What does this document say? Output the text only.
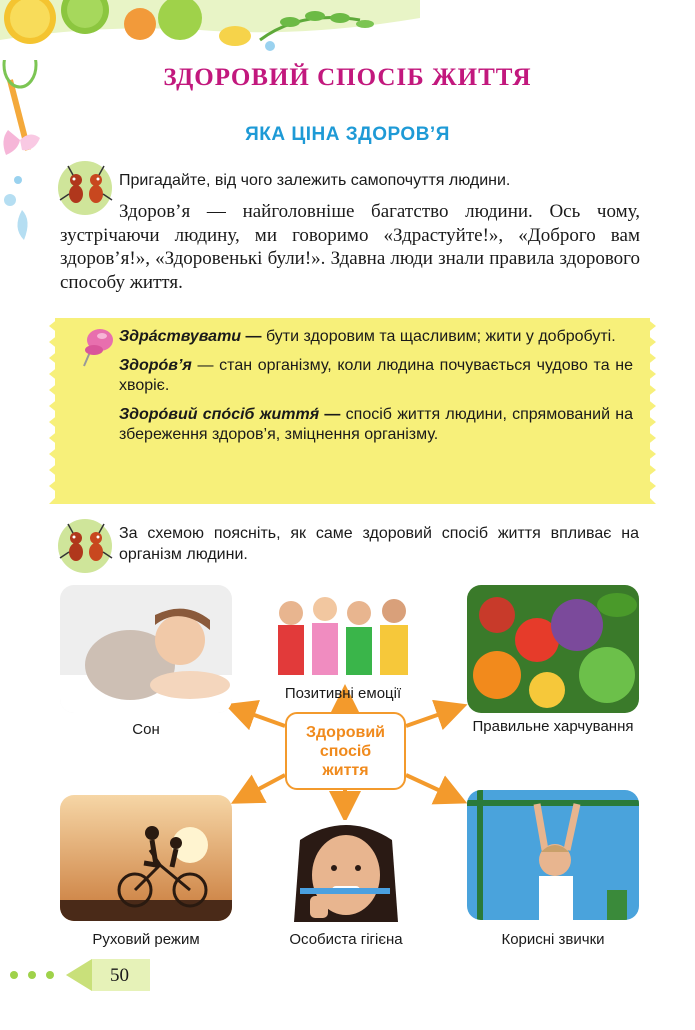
ЗДОРОВИЙ СПОСІБ ЖИТТЯ
ЯКА ЦІНА ЗДОРОВ’Я
Пригадайте, від чого залежить самопочуття людини.

Здоров’я — найголовніше багатство людини. Ось чому, зустрічаючи людину, ми говоримо «Здрастуйте!», «Доброго вам здоров’я!», «Здоровенькі були!». Здавна люди знали правила здорового способу життя.

Здра́ствувати — бути здоровим та щасливим; жити у добробуті.
Здоро́в’я — стан організму, коли людина почувається чудово та не хворіє.
Здоро́вий спо́сіб життя́ — спосіб життя людини, спрямований на збереження здоров’я, зміцнення організму.
За схемою поясніть, як саме здоровий спосіб життя впливає на організм людини.
Сон
Позитивні емоції
Правильне харчування
Здоровий
спосіб
життя
Руховий режим	Особиста гігієна	Корисні звички
50
